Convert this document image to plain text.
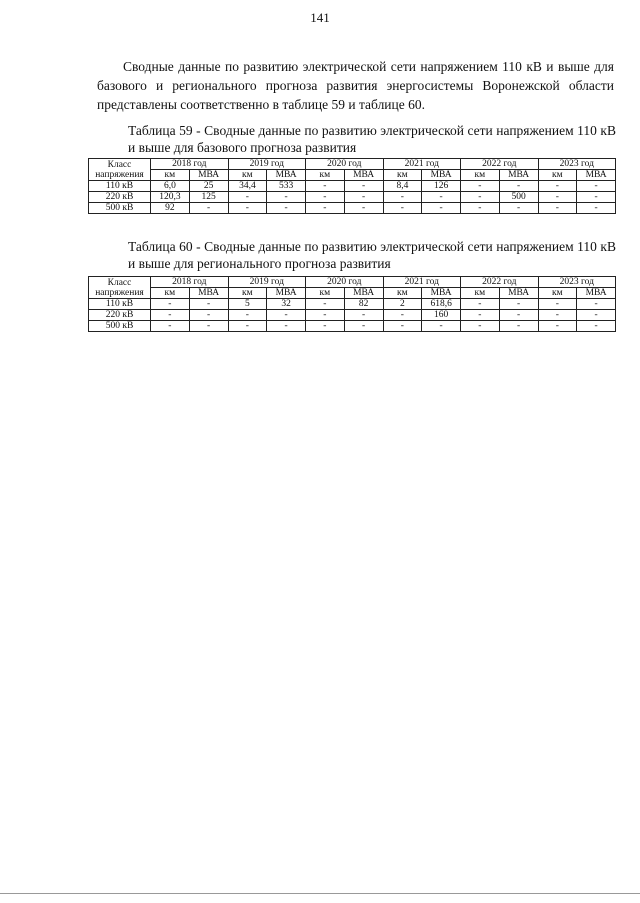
141

Сводные данные по развитию электрической сети напряжением 110 кВ и выше для базового и регионального прогноза развития энергосистемы Воронежской области представлены соответственно в таблице 59 и таблице 60.

Таблица 59 - Сводные данные по развитию электрической сети напряжением 110 кВ и выше для базового прогноза развития
Класс напряжения	2018 год		2019 год		2020 год		2021 год		2022 год		2023 год	
	км	МВА	км	МВА	км	МВА	км	МВА	км	МВА	км	МВА
110 кВ	6,0	25	34,4	533	-	-	8,4	126	-	-	-	-
220 кВ	120,3	125	-	-	-	-	-	-	-	500	-	-
500 кВ	92	-	-	-	-	-	-	-	-	-	-	-
Таблица 60 - Сводные данные по развитию электрической сети напряжением 110 кВ и выше для регионального прогноза развития
Класс напряжения	2018 год		2019 год		2020 год		2021 год		2022 год		2023 год	
	км	МВА	км	МВА	км	МВА	км	МВА	км	МВА	км	МВА
110 кВ	-	-	5	32	-	82	2	618,6	-	-	-	-
220 кВ	-	-	-	-	-	-	-	160	-	-	-	-
500 кВ	-	-	-	-	-	-	-	-	-	-	-	-
